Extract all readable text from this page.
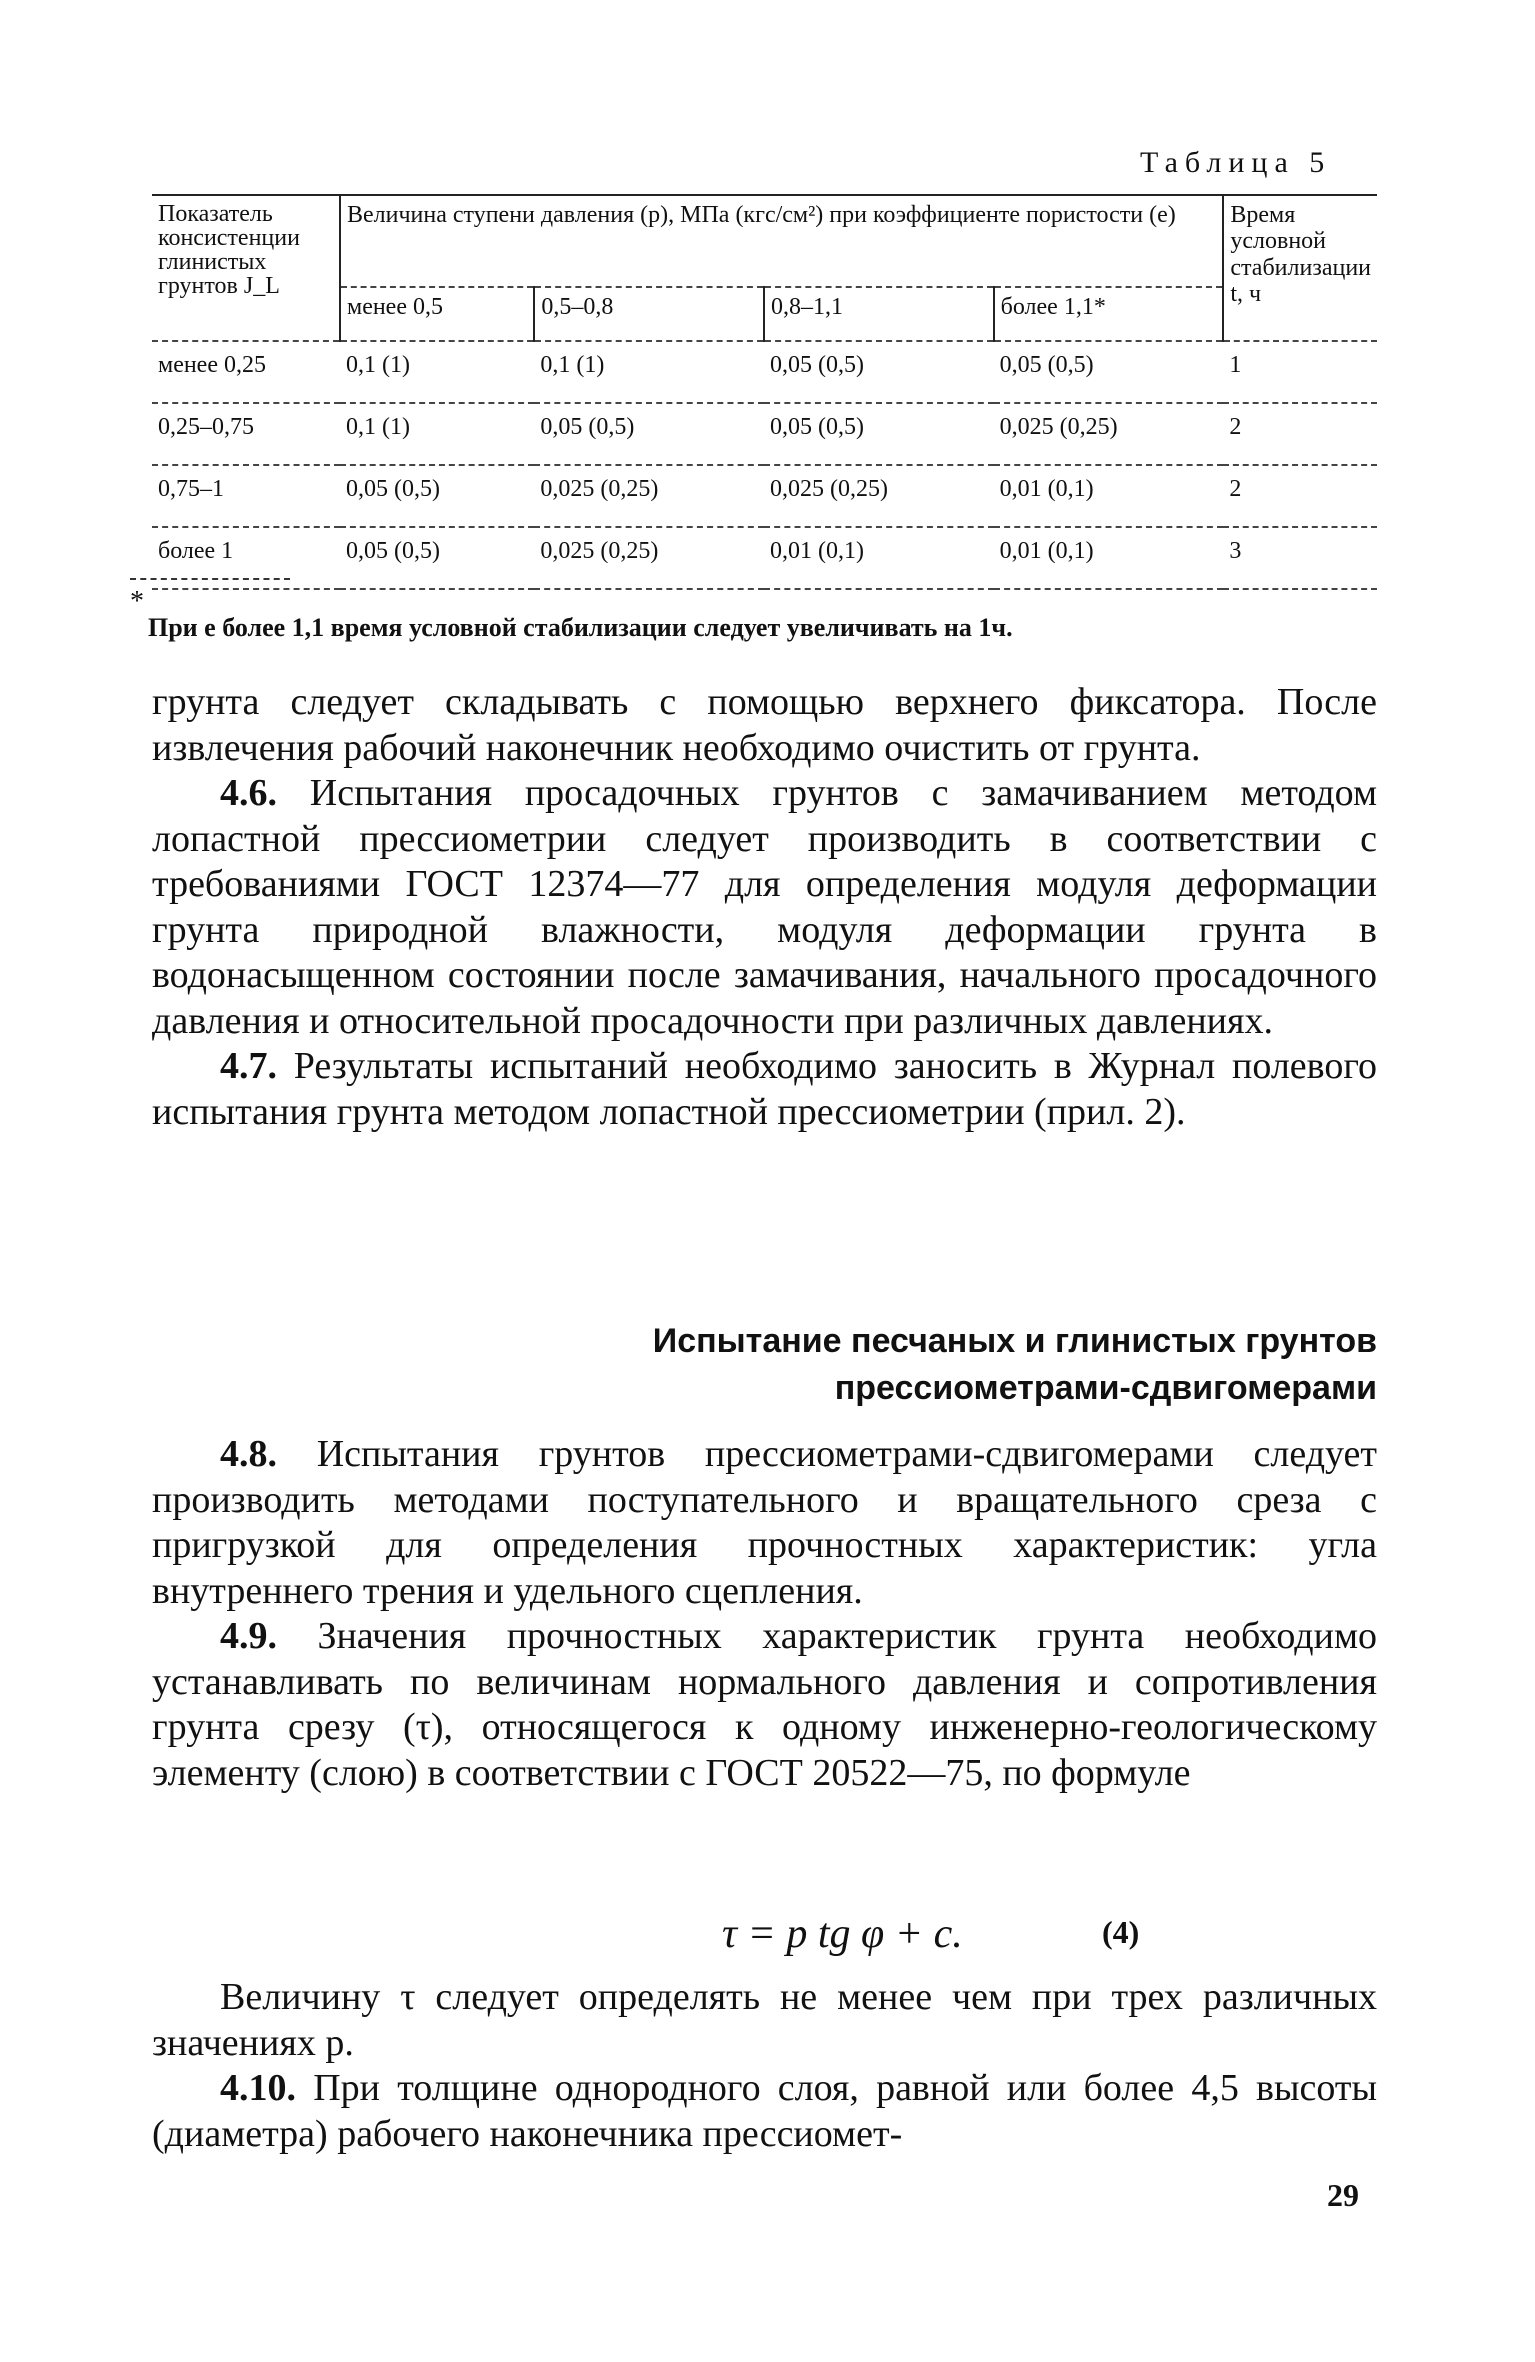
Таблица 5
Показатель консистенции глинистых грунтов J_L	Величина ступени давления (р), МПа (кгс/см²) при коэффициенте пористости (е)				Время условной стабилизации t, ч
	менее 0,5	0,5–0,8	0,8–1,1	более 1,1*	
менее 0,25	0,1 (1)	0,1 (1)	0,05 (0,5)	0,05 (0,5)	1
0,25–0,75	0,1 (1)	0,05 (0,5)	0,05 (0,5)	0,025 (0,25)	2
0,75–1	0,05 (0,5)	0,025 (0,25)	0,025 (0,25)	0,01 (0,1)	2
более 1	0,05 (0,5)	0,025 (0,25)	0,01 (0,1)	0,01 (0,1)	3
*
При е более 1,1 время условной стабилизации следует увеличивать на 1ч.

грунта следует складывать с помощью верхнего фиксатора. После извлечения рабочий наконечник необходимо очистить от грунта.

4.6. Испытания просадочных грунтов с замачиванием методом лопастной прессиометрии следует производить в соответствии с требованиями ГОСТ 12374—77 для определения модуля деформации грунта природной влажности, модуля деформации грунта в водонасыщенном состоянии после замачивания, начального просадочного давления и относительной просадочности при различных давлениях.

4.7. Результаты испытаний необходимо заносить в Журнал полевого испытания грунта методом лопастной прессиометрии (прил. 2).

Испытание песчаных и глинистых грунтов
прессиометрами-сдвигомерами

4.8. Испытания грунтов прессиометрами-сдвигомерами следует производить методами поступательного и вращательного среза с пригрузкой для определения прочностных характеристик: угла внутреннего трения и удельного сцепления.

4.9. Значения прочностных характеристик грунта необходимо устанавливать по величинам нормального давления и сопротивления грунта срезу (τ), относящегося к одному инженерно-геологическому элементу (слою) в соответствии с ГОСТ 20522—75, по формуле

τ = p tg φ + c.	(4)

Величину τ следует определять не менее чем при трех различных значениях р.

4.10. При толщине однородного слоя, равной или более 4,5 высоты (диаметра) рабочего наконечника прессиомет-

29
